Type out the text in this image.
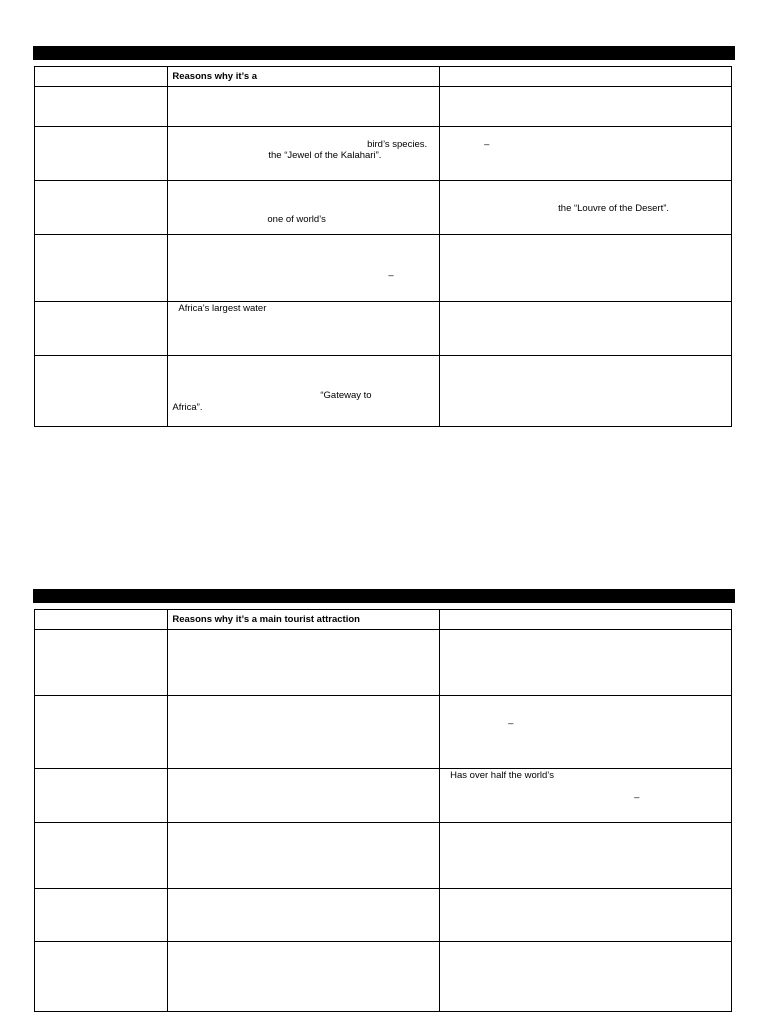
	Reasons why it’s a	

	bird’s species.
the “Jewel of the Kalahari”.	–

	one of world’s	the “Louvre of the Desert”.

	–	

	Africa’s largest water	

	“Gateway to
Africa”.	

	Reasons why it’s a main tourist attraction	

		–

		Has over half the world’s
–
